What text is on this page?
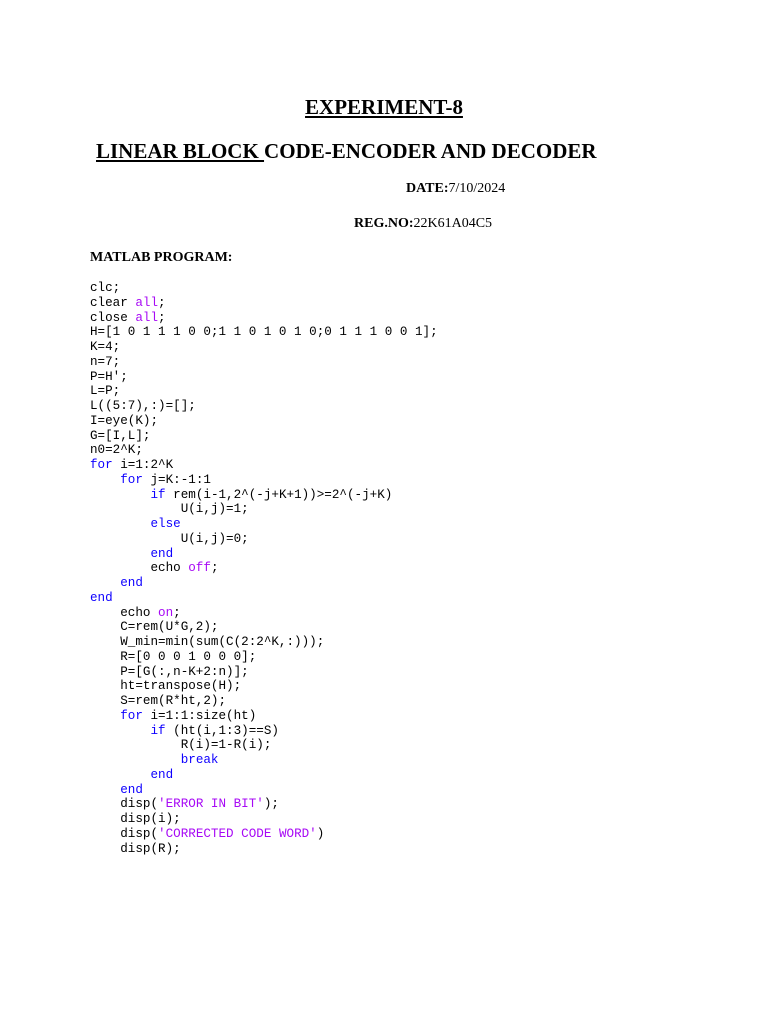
EXPERIMENT-8
LINEAR BLOCK CODE-ENCODER AND DECODER
DATE:7/10/2024
REG.NO:22K61A04C5
MATLAB PROGRAM:
clc;
clear all;
close all;
H=[1 0 1 1 1 0 0;1 1 0 1 0 1 0;0 1 1 1 0 0 1];
K=4;
n=7;
P=H';
L=P;
L((5:7),:)=[];
I=eye(K);
G=[I,L];
n0=2^K;
for i=1:2^K
for j=K:-1:1
if rem(i-1,2^(-j+K+1))>=2^(-j+K)
U(i,j)=1;
else
U(i,j)=0;
end
echo off;
end
end
echo on;
C=rem(U*G,2);
W_min=min(sum(C(2:2^K,:)));
R=[0 0 0 1 0 0 0];
P=[G(:,n-K+2:n)];
ht=transpose(H);
S=rem(R*ht,2);
for i=1:1:size(ht)
if (ht(i,1:3)==S)
R(i)=1-R(i);
break
end
end
disp('ERROR IN BIT');
disp(i);
disp('CORRECTED CODE WORD')
disp(R);
